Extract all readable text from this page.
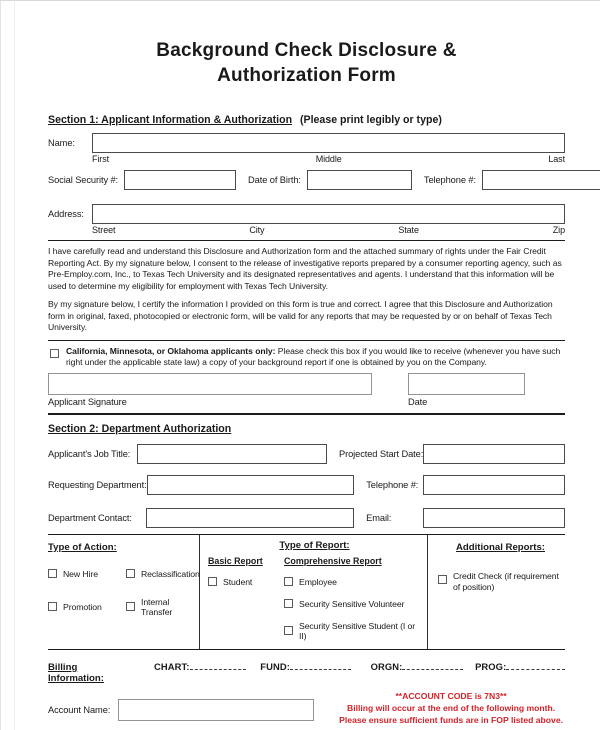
Background Check Disclosure &
Authorization Form
Section 1: Applicant Information & Authorization (Please print legibly or type)
Name:
First	Middle	Last
Social Security #:	Date of Birth:	Telephone #:
Address:
Street	City	State	Zip

I have carefully read and understand this Disclosure and Authorization form and the attached summary of rights under the Fair Credit Reporting Act. By my signature below, I consent to the release of investigative reports prepared by a consumer reporting agency, such as Pre-Employ.com, Inc., to Texas Tech University and its designated representatives and agents. I understand that this information will be used to determine my eligibility for employment with Texas Tech University.

By my signature below, I certify the information I provided on this form is true and correct. I agree that this Disclosure and Authorization form in original, faxed, photocopied or electronic form, will be valid for any reports that may be requested by or on behalf of Texas Tech University.

California, Minnesota, or Oklahoma applicants only: Please check this box if you would like to receive (whenever you have such right under the applicable state law) a copy of your background report if one is obtained by you on the Company.
Applicant Signature	Date
Section 2: Department Authorization
Applicant's Job Title:	Projected Start Date:
Requesting Department:	Telephone #:
Department Contact:	Email:
Type of Action:
New Hire	Reclassification
Promotion	Internal Transfer
Type of Report:
Basic Report
Student
Comprehensive Report
Employee
Security Sensitive Volunteer
Security Sensitive Student (I or II)
Additional Reports:
Credit Check (if requirement of position)
Billing Information:
CHART:	FUND:	ORGN:	PROG:
Account Name:
**ACCOUNT CODE is 7N3**
Billing will occur at the end of the following month.
Please ensure sufficient funds are in FOP listed above.
